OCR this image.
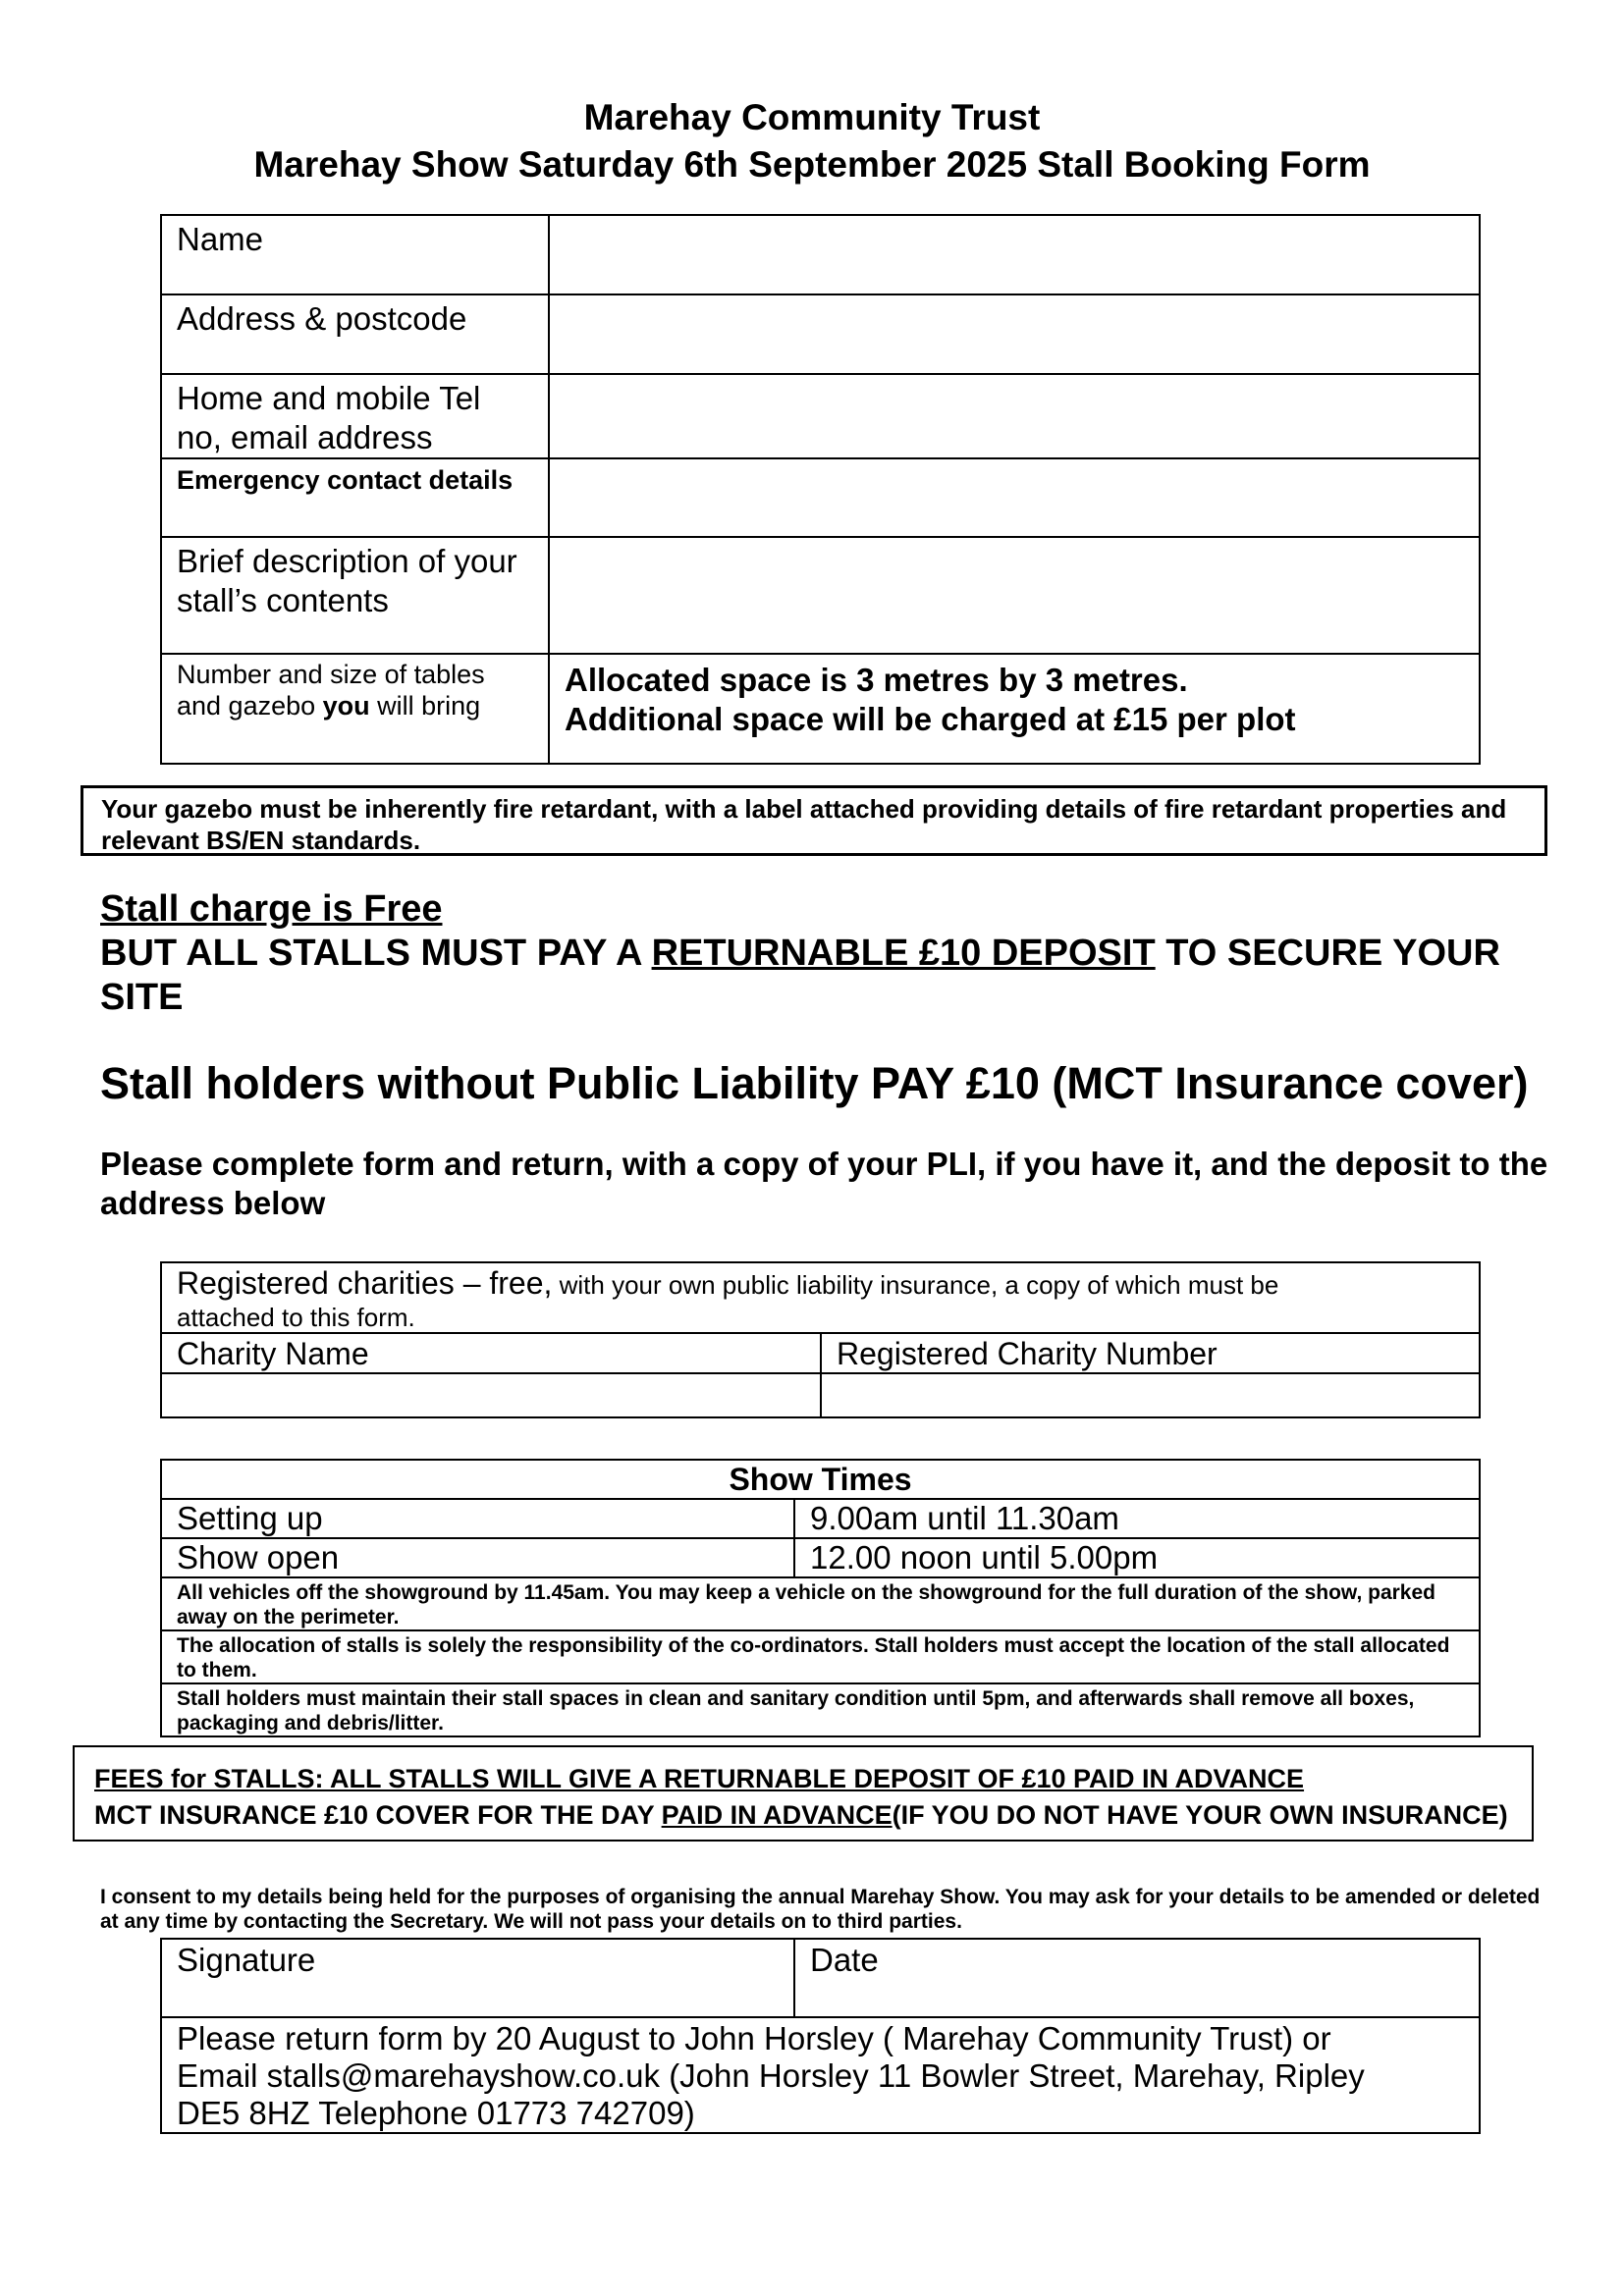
Marehay Community Trust
Marehay Show Saturday 6th September 2025 Stall Booking Form
Name	

Address & postcode	

Home and mobile Tel no, email address	

Emergency contact details	

Brief description of your stall’s contents	

Number and size of tables and gazebo you will bring	Allocated space is 3 metres by 3 metres.
Additional space will be charged at £15 per plot
Your gazebo must be inherently fire retardant, with a label attached providing details of fire retardant properties and relevant BS/EN standards.
Stall charge is Free
BUT ALL STALLS MUST PAY A RETURNABLE £10 DEPOSIT TO SECURE YOUR SITE
Stall holders without Public Liability PAY £10 (MCT Insurance cover)
Please complete form and return, with a copy of your PLI, if you have it, and the deposit to the address below
Registered charities – free, with your own public liability insurance, a copy of which must be
attached to this form.	

Charity Name	Registered Charity Number

Show Times	
Setting up	9.00am until 11.30am
Show open	12.00 noon until 5.00pm
All vehicles off the showground by 11.45am. You may keep a vehicle on the showground for the full duration of the show, parked away on the perimeter.	
The allocation of stalls is solely the responsibility of the co-ordinators. Stall holders must accept the location of the stall allocated to them.	
Stall holders must maintain their stall spaces in clean and sanitary condition until 5pm, and afterwards shall remove all boxes, packaging and debris/litter.	
FEES for STALLS: ALL STALLS WILL GIVE A RETURNABLE DEPOSIT OF £10 PAID IN ADVANCE
MCT INSURANCE £10 COVER FOR THE DAY PAID IN ADVANCE(IF YOU DO NOT HAVE YOUR OWN INSURANCE)
I consent to my details being held for the purposes of organising the annual Marehay Show. You may ask for your details to be amended or deleted at any time by contacting the Secretary. We will not pass your details on to third parties.
Signature	Date

Please return form by 20 August to John Horsley ( Marehay Community Trust) or
Email stalls@marehayshow.co.uk (John Horsley 11 Bowler Street, Marehay, Ripley
DE5 8HZ Telephone 01773 742709)
